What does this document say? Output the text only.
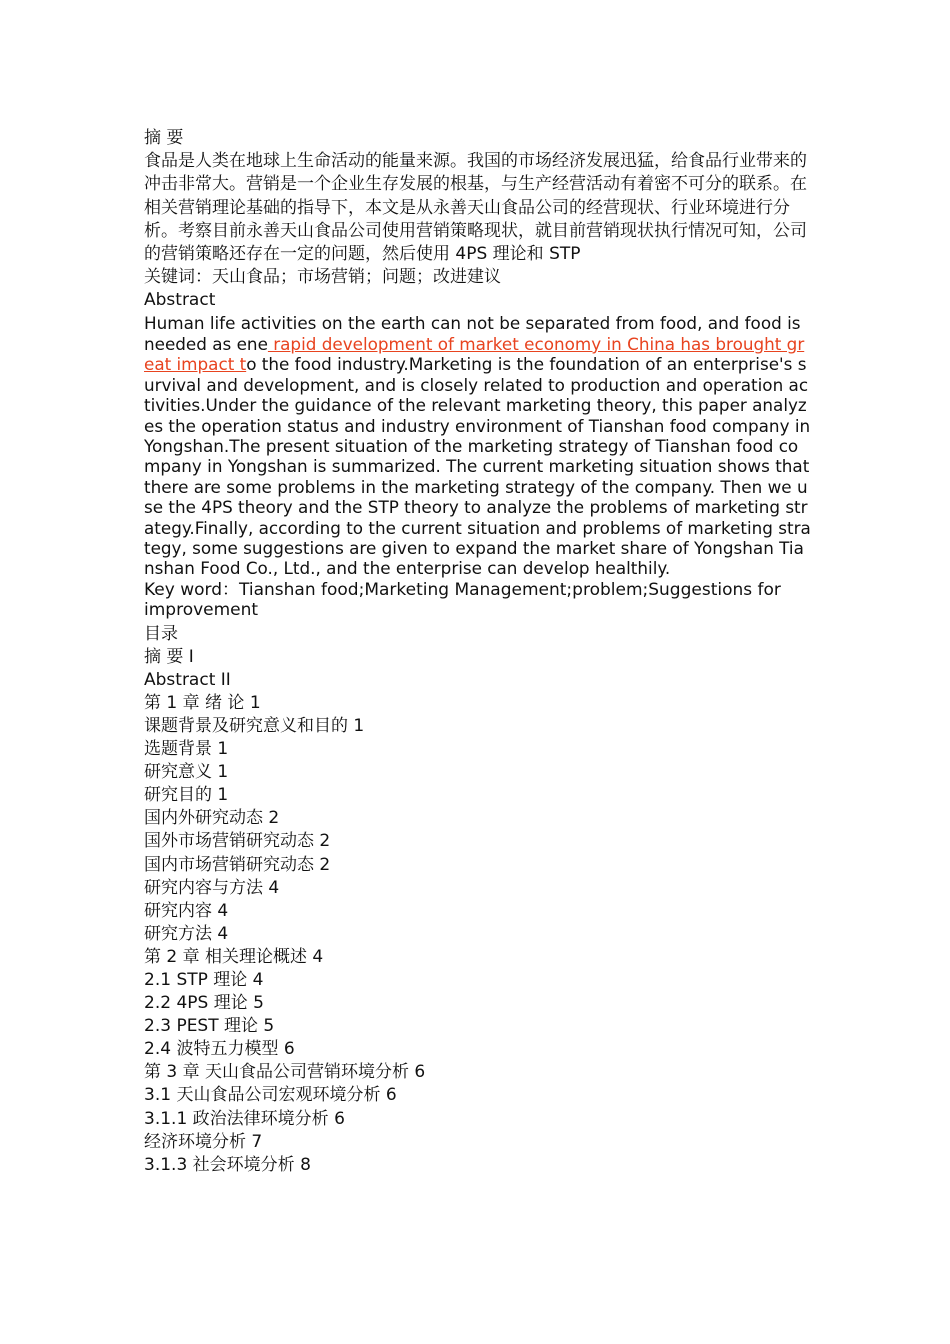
摘 要
食品是人类在地球上生命活动的能量来源。我国的市场经济发展迅猛，给食品行业带来的冲击非常大。营销是一个企业生存发展的根基，与生产经营活动有着密不可分的联系。在相关营销理论基础的指导下，本文是从永善天山食品公司的经营现状、行业环境进行分析。考察目前永善天山食品公司使用营销策略现状，就目前营销现状执行情况可知，公司的营销策略还存在一定的问题，然后使用 4PS 理论和 STP
关键词：天山食品；市场营销；问题；改进建议
Abstract
Human life activities on the earth can not be separated from food, and food is needed as ene rapid development of market economy in China has brought great impact to the food industry.Marketing is the foundation of an enterprise's survival and development, and is closely related to production and operation activities.Under the guidance of the relevant marketing theory, this paper analyzes the operation status and industry environment of Tianshan food company in Yongshan.The present situation of the marketing strategy of Tianshan food company in Yongshan is summarized. The current marketing situation shows that there are some problems in the marketing strategy of the company. Then we use the 4PS theory and the STP theory to analyze the problems of marketing strategy.Finally, according to the current situation and problems of marketing strategy, some suggestions are given to expand the market share of Yongshan Tianshan Food Co., Ltd., and the enterprise can develop healthily.
Key word：Tianshan food;Marketing Management;problem;Suggestions for improvement
目录
摘 要 I
Abstract II
第 1 章 绪 论 1
课题背景及研究意义和目的 1
选题背景 1
研究意义 1
研究目的 1
国内外研究动态 2
国外市场营销研究动态 2
国内市场营销研究动态 2
研究内容与方法 4
研究内容 4
研究方法 4
第 2 章 相关理论概述 4
2.1 STP 理论 4
2.2 4PS 理论 5
2.3 PEST 理论 5
2.4 波特五力模型 6
第 3 章 天山食品公司营销环境分析 6
3.1 天山食品公司宏观环境分析 6
3.1.1 政治法律环境分析 6
经济环境分析 7
3.1.3 社会环境分析 8
